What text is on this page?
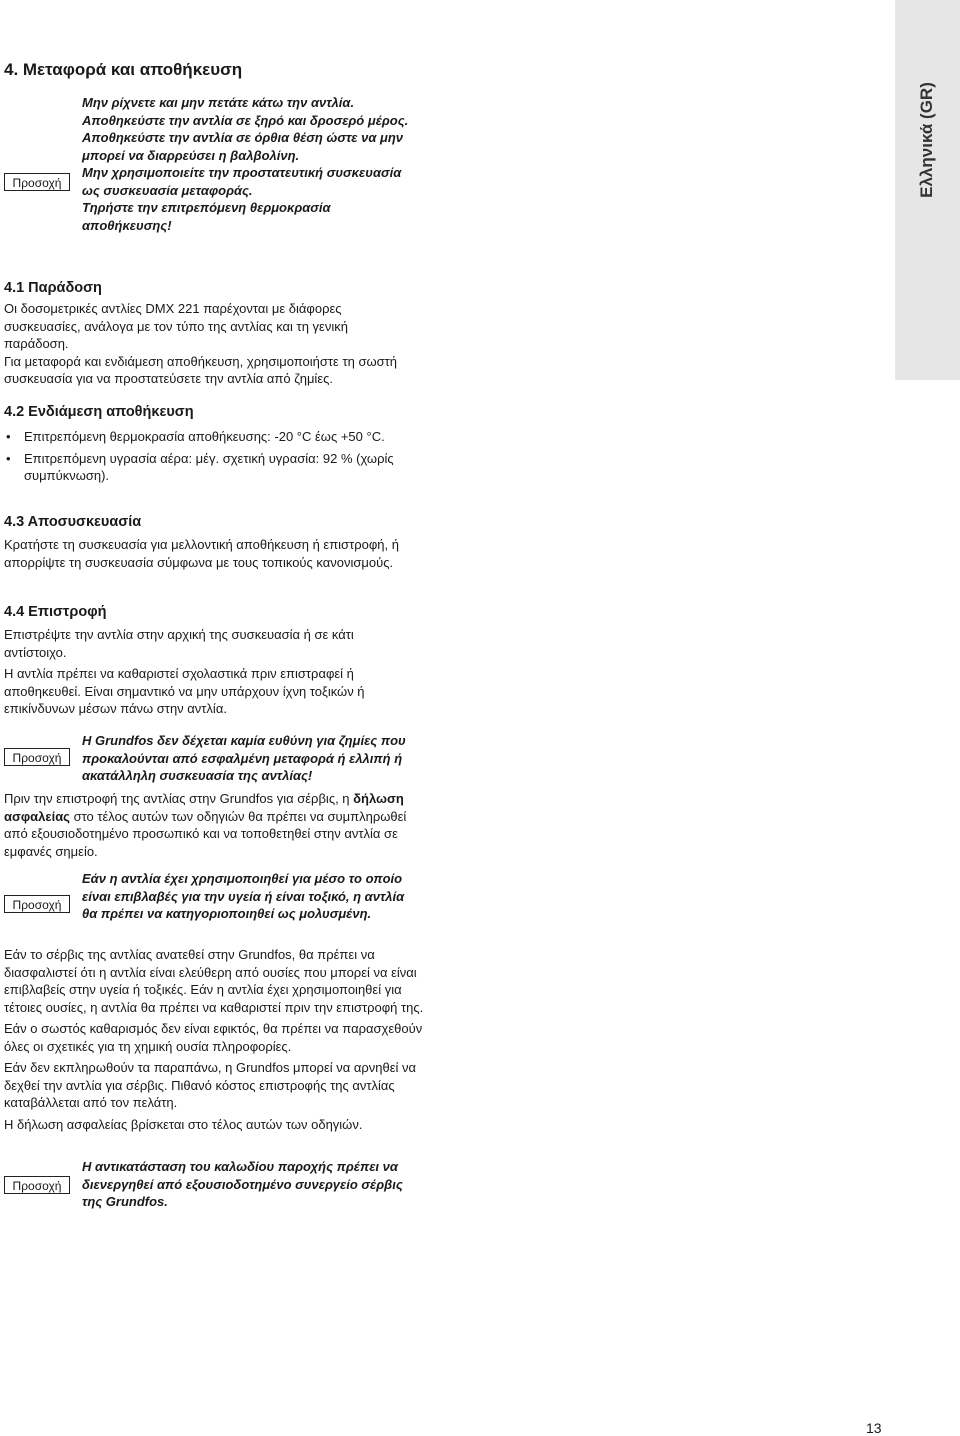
Ελληνικά (GR)
4. Μεταφορά και αποθήκευση
Προσοχή
Μην ρίχνετε και μην πετάτε κάτω την αντλία.
Αποθηκεύστε την αντλία σε ξηρό και δροσερό μέρος.
Αποθηκεύστε την αντλία σε όρθια θέση ώστε να μην μπορεί να διαρρεύσει η βαλβολίνη.
Μην χρησιμοποιείτε την προστατευτική συσκευασία ως συσκευασία μεταφοράς.
Τηρήστε την επιτρεπόμενη θερμοκρασία αποθήκευσης!
4.1 Παράδοση

Οι δοσομετρικές αντλίες DMX 221 παρέχονται με διάφορες συσκευασίες, ανάλογα με τον τύπο της αντλίας και τη γενική παράδοση.

Για μεταφορά και ενδιάμεση αποθήκευση, χρησιμοποιήστε τη σωστή συσκευασία για να προστατεύσετε την αντλία από ζημίες.

4.2 Ενδιάμεση αποθήκευση
• Επιτρεπόμενη θερμοκρασία αποθήκευσης: -20 °C έως +50 °C.
• Επιτρεπόμενη υγρασία αέρα: μέγ. σχετική υγρασία: 92 % (χωρίς συμπύκνωση).
4.3 Αποσυσκευασία

Κρατήστε τη συσκευασία για μελλοντική αποθήκευση ή επιστροφή, ή απορρίψτε τη συσκευασία σύμφωνα με τους τοπικούς κανονισμούς.

4.4 Επιστροφή

Επιστρέψτε την αντλία στην αρχική της συσκευασία ή σε κάτι αντίστοιχο.

Η αντλία πρέπει να καθαριστεί σχολαστικά πριν επιστραφεί ή αποθηκευθεί. Είναι σημαντικό να μην υπάρχουν ίχνη τοξικών ή επικίνδυνων μέσων πάνω στην αντλία.

Προσοχή
Η Grundfos δεν δέχεται καμία ευθύνη για ζημίες που προκαλούνται από εσφαλμένη μεταφορά ή ελλιπή ή ακατάλληλη συσκευασία της αντλίας!

Πριν την επιστροφή της αντλίας στην Grundfos για σέρβις, η δήλωση ασφαλείας στο τέλος αυτών των οδηγιών θα πρέπει να συμπληρωθεί από εξουσιοδοτημένο προσωπικό και να τοποθετηθεί στην αντλία σε εμφανές σημείο.

Προσοχή
Εάν η αντλία έχει χρησιμοποιηθεί για μέσο το οποίο είναι επιβλαβές για την υγεία ή είναι τοξικό, η αντλία θα πρέπει να κατηγοριοποιηθεί ως μολυσμένη.

Εάν το σέρβις της αντλίας ανατεθεί στην Grundfos, θα πρέπει να διασφαλιστεί ότι η αντλία είναι ελεύθερη από ουσίες που μπορεί να είναι επιβλαβείς στην υγεία ή τοξικές. Εάν η αντλία έχει χρησιμοποιηθεί για τέτοιες ουσίες, η αντλία θα πρέπει να καθαριστεί πριν την επιστροφή της.

Εάν ο σωστός καθαρισμός δεν είναι εφικτός, θα πρέπει να παρασχεθούν όλες οι σχετικές για τη χημική ουσία πληροφορίες.

Εάν δεν εκπληρωθούν τα παραπάνω, η Grundfos μπορεί να αρνηθεί να δεχθεί την αντλία για σέρβις. Πιθανό κόστος επιστροφής της αντλίας καταβάλλεται από τον πελάτη.

Η δήλωση ασφαλείας βρίσκεται στο τέλος αυτών των οδηγιών.

Προσοχή
Η αντικατάσταση του καλωδίου παροχής πρέπει να διενεργηθεί από εξουσιοδοτημένο συνεργείο σέρβις της Grundfos.
13
